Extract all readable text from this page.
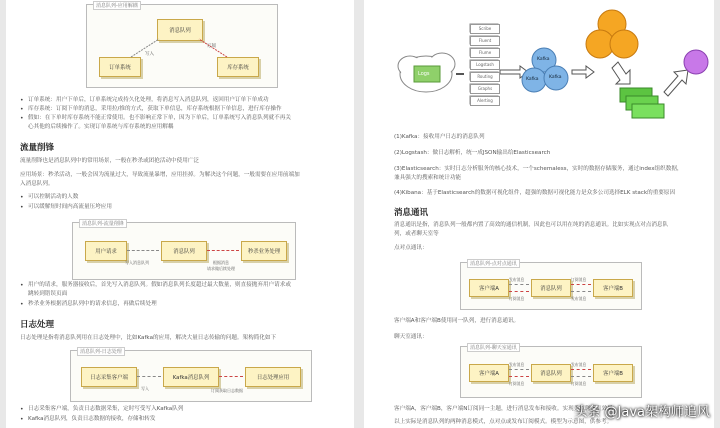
消息队列-应用解耦
消息队列
订单系统	库存系统
写入
订阅
• 订单系统：用户下单后，订单系统完成持久化处理，将消息写入消息队列，返回用户订单下单成功
• 库存系统：订阅下单的消息，采用拉/推的方式，获取下单信息，库存系统根据下单信息，进行库存操作
• 假如：在下单时库存系统不能正常使用。也不影响正常下单，因为下单后，订单系统写入消息队列就不再关
心其他的后续操作了。实现订单系统与库存系统的应用解耦
流量削锋
流量削锋也是消息队列中的常用场景，一般在秒杀或团抢活动中使用广泛
应用场景：秒杀活动，一般会因为流量过大，导致流量暴增，应用挂掉。为解决这个问题，一般需要在应用前端加
入消息队列。
• 可以控制活动的人数
• 可以缓解短时间内高流量压垮应用
消息队列-流量削锋
用户请求	消息队列	秒杀业务处理
写入消息队列	根据消息
请求做后续处理
• 用户的请求，服务器接收后，首先写入消息队列。假如消息队列长度超过最大数量，则直接抛弃用户请求或
跳转到错误页面
• 秒杀业务根据消息队列中的请求信息，再做后续处理
日志处理
日志处理是指将消息队列用在日志处理中，比如Kafka的应用，解决大量日志传输的问题。架构简化如下
消息队列-日志处理
日志采集客户端	Kafka消息队列	日志处理应用
写入	订阅获取日志数据
• 日志采集客户端，负责日志数据采集，定时写受写入Kafka队列
• Kafka消息队列，负责日志数据的接收，存储和转发
Logs
Kafka
Kafka Kafka
Scribe
Fluent
Flume
Logstash
Routing
Graphs
Alerting
(1)Kafka：接收用户日志的消息队列
(2)Logstash：做日志解析，统一成JSON输出给Elasticsearch
(3)Elasticsearch：实时日志分析服务的核心技术，一个schemaless，实时的数据存储服务，通过index组织数据，
兼具强大的搜索和统计功能
(4)Kibana：基于Elasticsearch的数据可视化组件，超强的数据可视化能力是众多公司选择ELK stack的重要原因
消息通讯
消息通讯是指，消息队列一般都内置了高效的通信机制，因此也可以用在纯的消息通讯。比如实现点对点消息队
列，或者聊天室等
点对点通讯：
消息队列-点对点通讯
客户端A	消息队列	客户端B
发布消息
订阅消息
订阅消息
发布消息
客户端A和客户端B使用同一队列，进行消息通讯。
聊天室通讯：
消息队列-聊天室通讯
客户端A	消息队列	客户端B
发布消息
订阅消息
发布消息
订阅消息
客户端A，客户端B，客户端N订阅同一主题，进行消息发布和接收。实现类似聊天室效果。
以上实际是消息队列的两种消息模式，点对点或发布订阅模式。模型为示意图，供参考。
头条 @Java架构师追风
